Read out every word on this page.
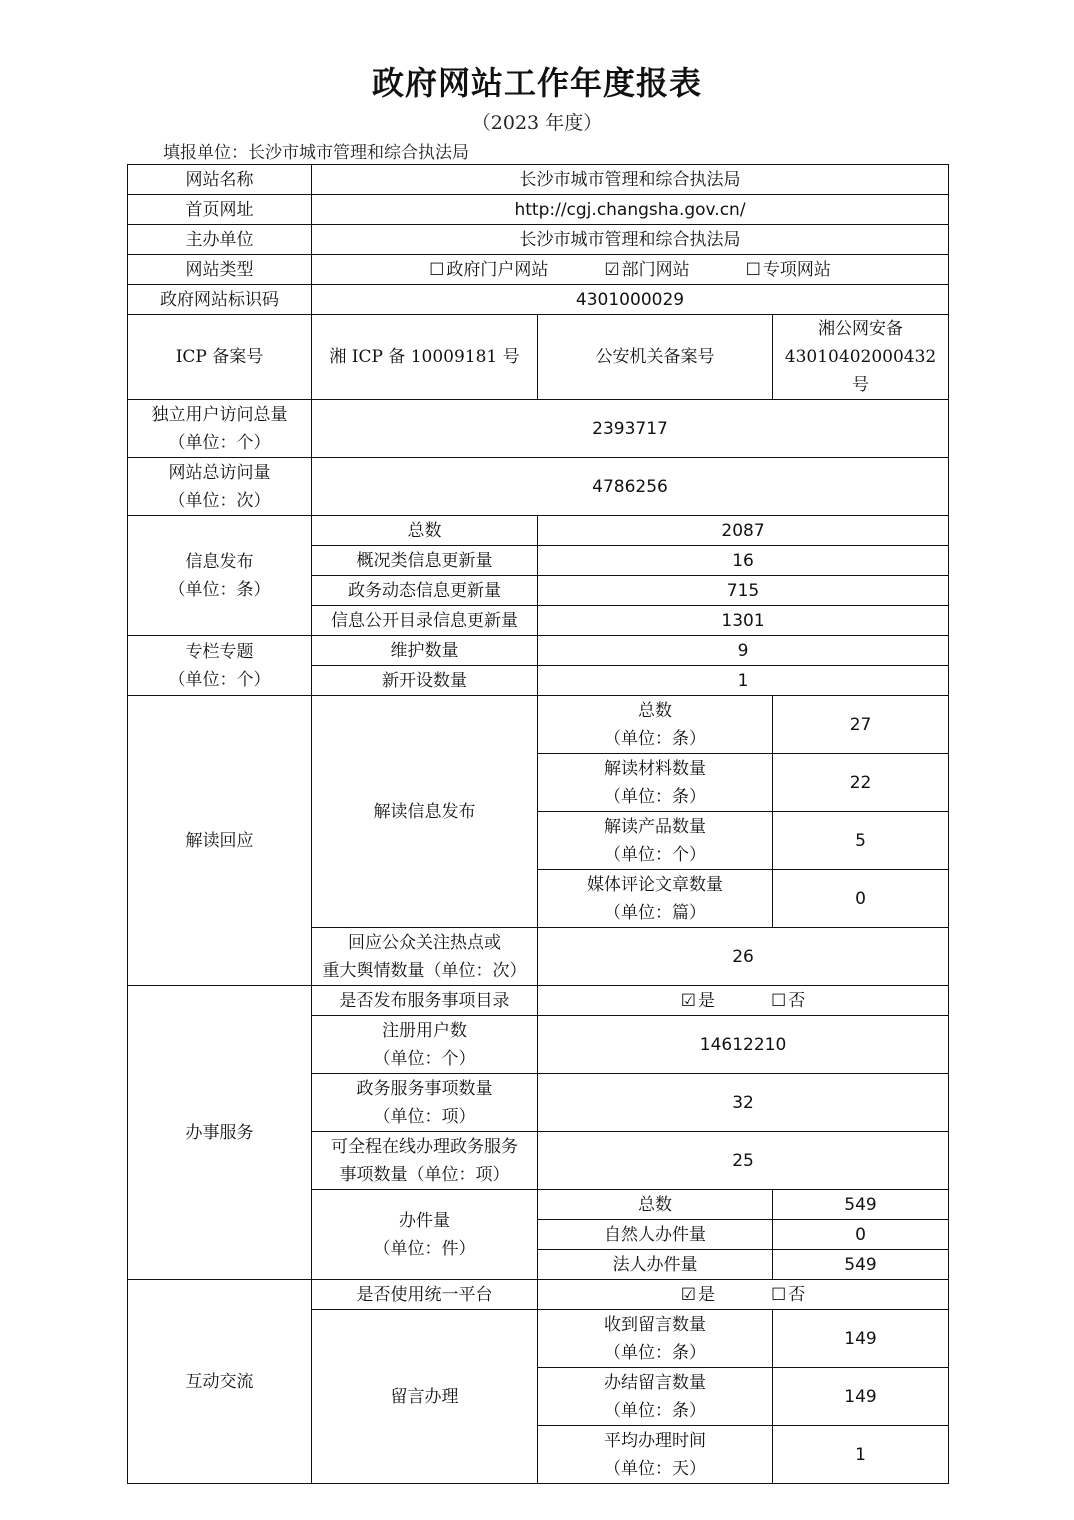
政府网站工作年度报表
（2023 年度）
填报单位：长沙市城市管理和综合执法局
网站名称	长沙市城市管理和综合执法局		
首页网址	http://cgj.changsha.gov.cn/		
主办单位	长沙市城市管理和综合执法局		
网站类型	☐ 政府门户网站 ☑ 部门网站 ☐ 专项网站		
政府网站标识码	4301000029		
ICP 备案号	湘 ICP 备 10009181 号	公安机关备案号	湘公网安备
43010402000432 号

独立用户访问总量
（单位：个）	2393717		

网站总访问量
（单位：次）	4786256		

信息发布
（单位：条）	总数	2087	
	概况类信息更新量	16	
	政务动态信息更新量	715	
	信息公开目录信息更新量	1301	

专栏专题
（单位：个）	维护数量	9	
	新开设数量	1	
解读回应	解读信息发布	总数
（单位：条）	27

		解读材料数量
（单位：条）	22

		解读产品数量
（单位：个）	5

		媒体评论文章数量
（单位：篇）	0

	回应公众关注热点或
重大舆情数量（单位：次）	26	
办事服务	是否发布服务事项目录	☑ 是 ☐ 否	

	注册用户数
（单位：个）	14612210	

	政务服务事项数量
（单位：项）	32	

	可全程在线办理政务服务
事项数量（单位：项）	25	

	办件量
（单位：件）	总数	549
		自然人办件量	0
		法人办件量	549
互动交流	是否使用统一平台	☑ 是 ☐ 否	
	留言办理	收到留言数量
（单位：条）	149

		办结留言数量
（单位：条）	149

		平均办理时间
（单位：天）	1
